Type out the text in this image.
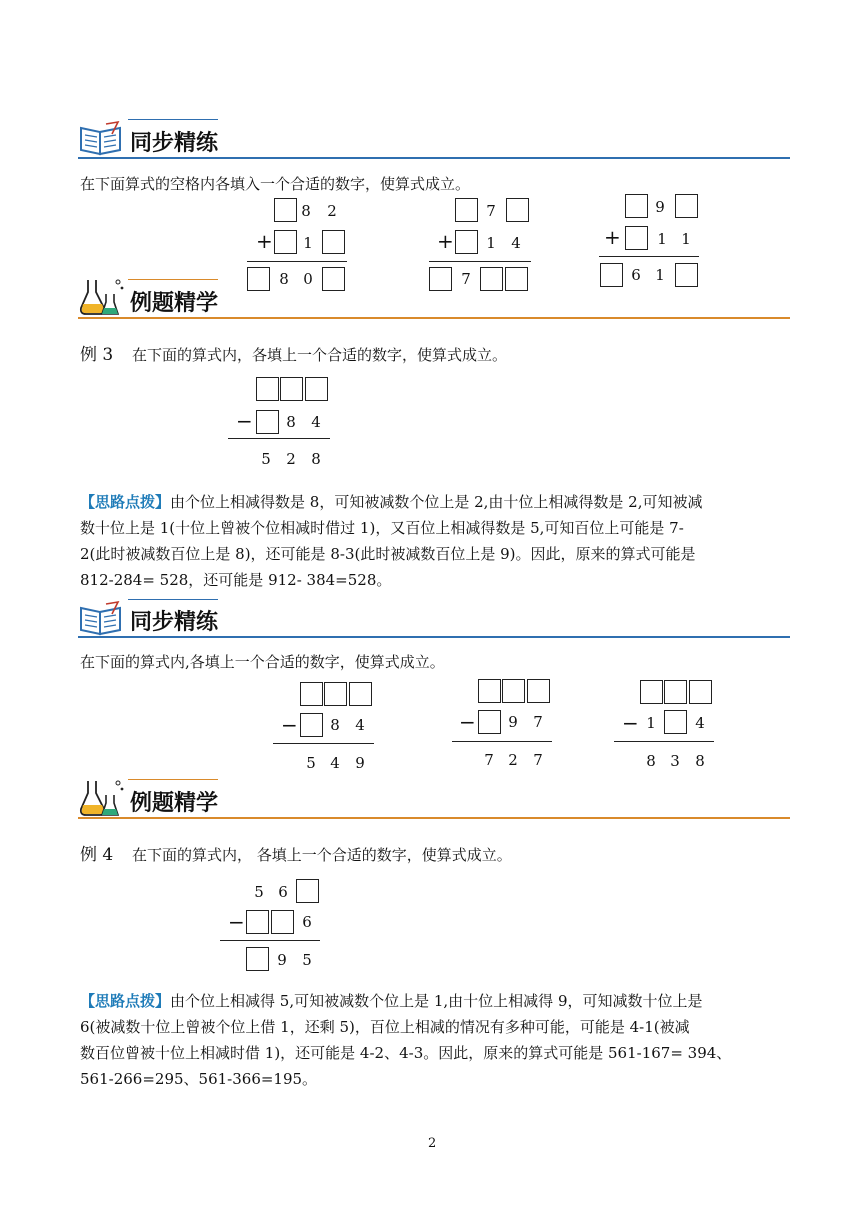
同步精练
在下面算式的空格内各填入一个合适的数字，使算式成立。
8 2
+ 1
8 0
7
+ 1 4
7
9
+ 1 1
6 1
例题精学
例 3 在下面的算式内，各填上一个合适的数字，使算式成立。
− 8 4
5 2 8
【思路点拨】由个位上相减得数是 8，可知被减数个位上是 2,由十位上相减得数是 2,可知被减
数十位上是 1(十位上曾被个位相减时借过 1)，又百位上相减得数是 5,可知百位上可能是 7-
2(此时被减数百位上是 8)，还可能是 8-3(此时被减数百位上是 9)。因此，原来的算式可能是
812-284= 528，还可能是 912- 384=528。
同步精练
在下面的算式内,各填上一个合适的数字，使算式成立。
− 8 4
5 4 9
− 9 7
7 2 7
− 1	4
8 3 8
例题精学
例 4 在下面的算式内， 各填上一个合适的数字，使算式成立。
5 6
−	6
9 5
【思路点拨】由个位上相减得 5,可知被减数个位上是 1,由十位上相减得 9，可知减数十位上是
6(被减数十位上曾被个位上借 1，还剩 5)，百位上相减的情况有多种可能，可能是 4-1(被减
数百位曾被十位上相减时借 1)，还可能是 4-2、4-3。因此，原来的算式可能是 561-167= 394、
561-266=295、561-366=195。
2
